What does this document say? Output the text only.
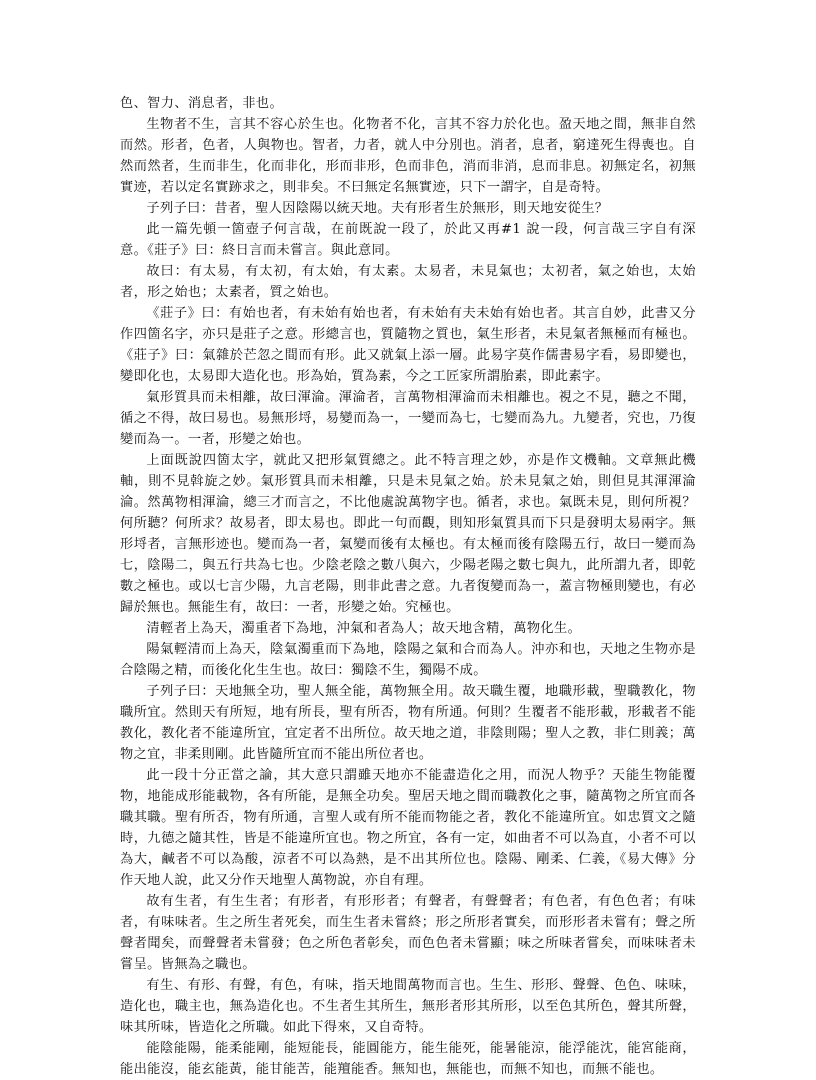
色、智力、消息者，非也。

生物者不生，言其不容心於生也。化物者不化，言其不容力於化也。盈天地之間，無非自然而然。形者，色者，人與物也。智者，力者，就人中分別也。消者，息者，窮達死生得喪也。自然而然者，生而非生，化而非化，形而非形，色而非色，消而非消，息而非息。初無定名，初無實迹，若以定名實跡求之，則非矣。不曰無定名無實迹，只下一謂字，自是奇特。

子列子曰：昔者，聖人因陰陽以統天地。夫有形者生於無形，則天地安從生？

此一篇先頓一箇壺子何言哉，在前既說一段了，於此又再#1 說一段，何言哉三字自有深意。《莊子》曰：終日言而未嘗言。與此意同。

故曰：有太易，有太初，有太始，有太素。太易者，未見氣也；太初者，氣之始也，太始者，形之始也；太素者，質之始也。

《莊子》曰：有始也者，有未始有始也者，有未始有夫未始有始也者。其言自妙，此書又分作四箇名字，亦只是莊子之意。形總言也，質隨物之質也，氣生形者，未見氣者無極而有極也。《莊子》曰：氣雜於芒忽之間而有形。此又就氣上添一層。此易字莫作儒書易字看，易即變也，變即化也，太易即大造化也。形為始，質為素，今之工匠家所謂胎素，即此素字。

氣形質具而未相離，故曰渾淪。渾淪者，言萬物相渾淪而未相離也。視之不見，聽之不聞，循之不得，故曰易也。易無形埒，易變而為一，一變而為七，七變而為九。九變者，究也，乃復變而為一。一者，形變之始也。

上面既說四箇太字，就此又把形氣質總之。此不特言理之妙，亦是作文機軸。文章無此機軸，則不見斡旋之妙。氣形質具而未相離，只是未見氣之始。於未見氣之始，則但見其渾渾淪淪。然萬物相渾淪，總三才而言之，不比他處說萬物字也。循者，求也。氣既未見，則何所視？何所聽？何所求？故易者，即太易也。即此一句而觀，則知形氣質具而下只是發明太易兩字。無形埒者，言無形迹也。變而為一者，氣變而後有太極也。有太極而後有陰陽五行，故曰一變而為七，陰陽二，與五行共為七也。少陰老陰之數八與六，少陽老陽之數七與九，此所謂九者，即乾數之極也。或以七言少陽，九言老陽，則非此書之意。九者復變而為一，蓋言物極則變也，有必歸於無也。無能生有，故曰：一者，形變之始。究極也。

清輕者上為天，濁重者下為地，沖氣和者為人；故天地含精，萬物化生。

陽氣輕清而上為天，陰氣濁重而下為地，陰陽之氣和合而為人。沖亦和也，天地之生物亦是合陰陽之精，而後化化生生也。故曰：獨陰不生，獨陽不成。

子列子曰：天地無全功，聖人無全能，萬物無全用。故天職生覆，地職形載，聖職教化，物職所宜。然則天有所短，地有所長，聖有所否，物有所通。何則？生覆者不能形載，形載者不能教化，教化者不能違所宜，宜定者不出所位。故天地之道，非陰則陽；聖人之教，非仁則義；萬物之宜，非柔則剛。此皆隨所宜而不能出所位者也。

此一段十分正當之論，其大意只謂雖天地亦不能盡造化之用，而況人物乎？天能生物能覆物，地能成形能載物，各有所能，是無全功矣。聖居天地之間而職教化之事，隨萬物之所宜而各職其職。聖有所否，物有所通，言聖人或有所不能而物能之者，教化不能違所宜。如忠質文之隨時，九德之隨其性，皆是不能違所宜也。物之所宜，各有一定，如曲者不可以為直，小者不可以為大，鹹者不可以為酸，涼者不可以為熱，是不出其所位也。陰陽、剛柔、仁義，《易大傳》分作天地人說，此又分作天地聖人萬物說，亦自有理。

故有生者，有生生者；有形者，有形形者；有聲者，有聲聲者；有色者，有色色者；有味者，有味味者。生之所生者死矣，而生生者未嘗終；形之所形者實矣，而形形者未嘗有；聲之所聲者聞矣，而聲聲者未嘗發；色之所色者彰矣，而色色者未嘗顯；味之所味者嘗矣，而味味者未嘗呈。皆無為之職也。

有生、有形、有聲，有色，有味，指天地間萬物而言也。生生、形形、聲聲、色色、味味，造化也，職主也，無為造化也。不生者生其所生，無形者形其所形，以至色其所色，聲其所聲，味其所味，皆造化之所職。如此下得來，又自奇特。

能陰能陽，能柔能剛，能短能長，能圓能方，能生能死，能暑能涼，能浮能沈，能宮能商，能出能沒，能玄能黃，能甘能苦，能羶能香。無知也，無能也，而無不知也，而無不能也。
